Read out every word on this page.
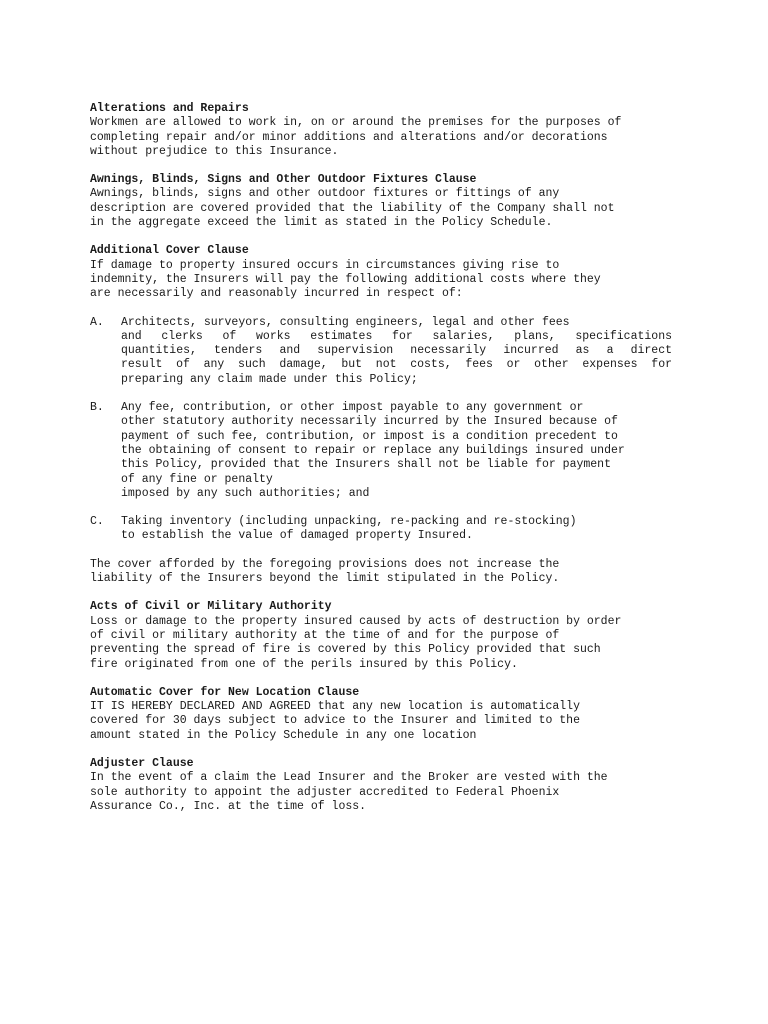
Alterations and Repairs

Workmen are allowed to work in, on or around the premises for the purposes of

completing repair and/or minor additions and alterations and/or decorations

without prejudice to this Insurance.

Awnings, Blinds, Signs and Other Outdoor Fixtures Clause

Awnings, blinds, signs and other outdoor fixtures or fittings of any

description are covered provided that the liability of the Company shall not

in the aggregate exceed the limit as stated in the Policy Schedule.

Additional Cover Clause

If damage to property insured occurs in circumstances giving rise to

indemnity, the Insurers will pay the following additional costs where they

are necessarily and reasonably incurred in respect of:

A.	Architects, surveyors, consulting engineers, legal and other fees

and clerks of works estimates for salaries, plans, specifications

quantities, tenders and supervision necessarily incurred as a direct

result of any such damage, but not costs, fees or other expenses for

preparing any claim made under this Policy;

B.	Any fee, contribution, or other impost payable to any government or

other statutory authority necessarily incurred by the Insured because of

payment of such fee, contribution, or impost is a condition precedent to

the obtaining of consent to repair or replace any buildings insured under

this Policy, provided that the Insurers shall not be liable for payment

of any fine or penalty

imposed by any such authorities; and

C.	Taking inventory (including unpacking, re-packing and re-stocking)

to establish the value of damaged property Insured.

The cover afforded by the foregoing provisions does not increase the

liability of the Insurers beyond the limit stipulated in the Policy.

Acts of Civil or Military Authority

Loss or damage to the property insured caused by acts of destruction by order

of civil or military authority at the time of and for the purpose of

preventing the spread of fire is covered by this Policy provided that such

fire originated from one of the perils insured by this Policy.

Automatic Cover for New Location Clause

IT IS HEREBY DECLARED AND AGREED that any new location is automatically

covered for 30 days subject to advice to the Insurer and limited to the

amount stated in the Policy Schedule in any one location

Adjuster Clause

In the event of a claim the Lead Insurer and the Broker are vested with the

sole authority to appoint the adjuster accredited to Federal Phoenix

Assurance Co., Inc. at the time of loss.
